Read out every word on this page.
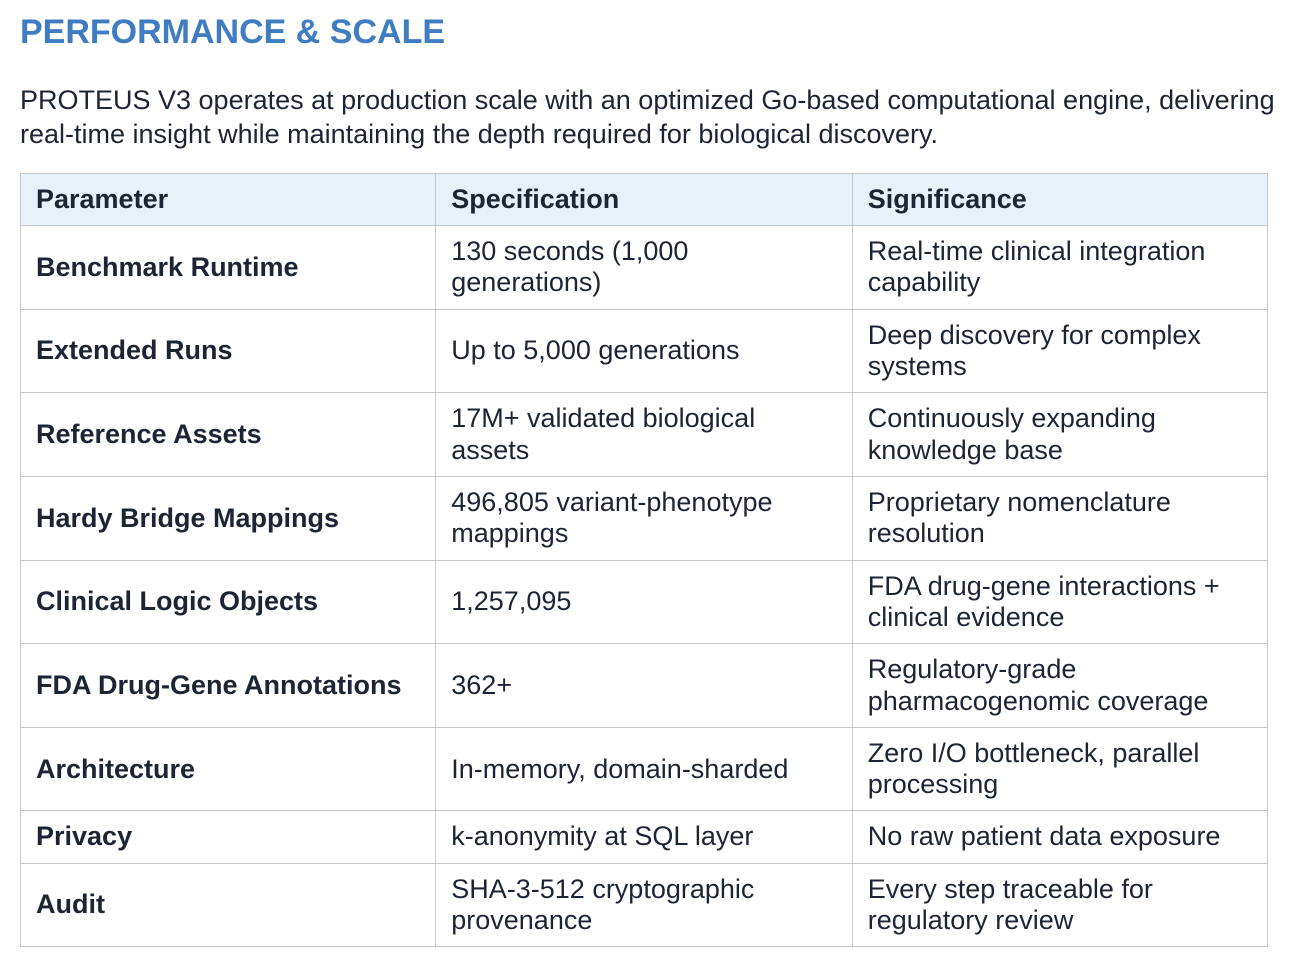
PERFORMANCE & SCALE

PROTEUS V3 operates at production scale with an optimized Go-based computational engine, delivering real-time insight while maintaining the depth required for biological discovery.

Parameter	Specification	Significance
Benchmark Runtime	130 seconds (1,000 generations)	Real-time clinical integration capability
Extended Runs	Up to 5,000 generations	Deep discovery for complex systems
Reference Assets	17M+ validated biological assets	Continuously expanding knowledge base
Hardy Bridge Mappings	496,805 variant-phenotype mappings	Proprietary nomenclature resolution
Clinical Logic Objects	1,257,095	FDA drug-gene interactions + clinical evidence
FDA Drug-Gene Annotations	362+	Regulatory-grade pharmacogenomic coverage
Architecture	In-memory, domain-sharded	Zero I/O bottleneck, parallel processing
Privacy	k-anonymity at SQL layer	No raw patient data exposure
Audit	SHA-3-512 cryptographic provenance	Every step traceable for regulatory review
